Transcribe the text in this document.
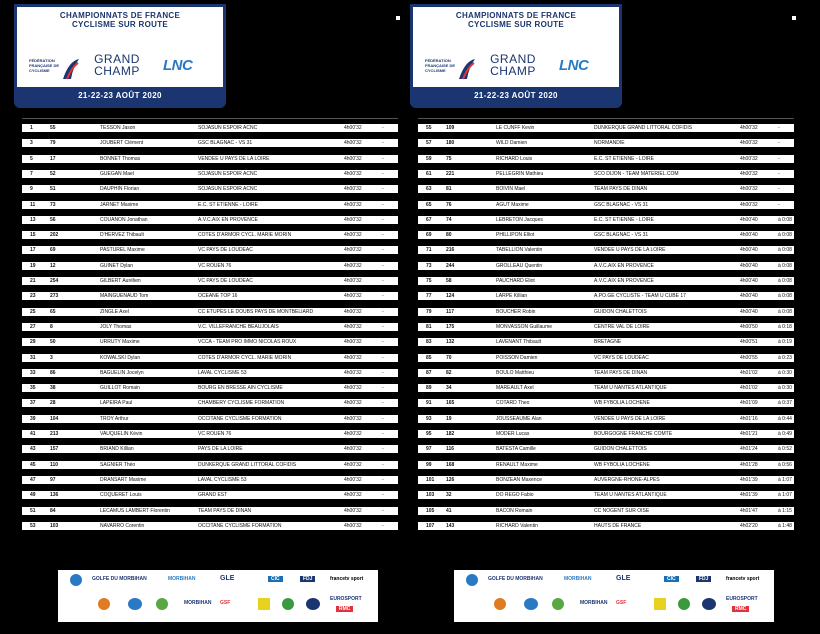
CHAMPIONNATS DE FRANCE
CYCLISME SUR ROUTE
FÉDÉRATION FRANÇAISE DE CYCLISME
GRAND
CHAMP	LNC
21-22-23 AOÛT 2020
1	55	TESSON Jason	SOJASUN ESPOIR ACNC	4h00'32	-
3	79	JOUBERT Clément	GSC BLAGNAC - VS 31	4h00'32	-
5	17	BONNET Thomas	VENDEE U PAYS DE LA LOIRE	4h00'32	-
7	52	GUEGAN Mael	SOJASUN ESPOIR ACNC	4h00'32	-
9	51	DAUPHIN Florian	SOJASUN ESPOIR ACNC	4h00'32	-
11	73	JARNET Maxime	E.C. ST ETIENNE - LOIRE	4h00'32	-
13	56	COUANON Jonathan	A.V.C.AIX EN PROVENCE	4h00'32	-
15	202	D'HERVEZ Thibault	COTES D'ARMOR CYCL. MARIE MORIN	4h00'32	-
17	69	PASTUREL Maxime	VC PAYS DE LOUDEAC	4h00'32	-
19	12	GUINET Dylan	VC ROUEN 76	4h00'32	-
21	254	GILBERT Aurélien	VC PAYS DE LOUDEAC	4h00'32	-
23	273	MAINGUENAUD Tom	OCEANE TOP 16	4h00'32	-
25	65	ZINGLE Axel	CC ETUPES LE DOUBS PAYS DE MONTBELIARD	4h00'32	-
27	8	JOLY Thomas	V.C. VILLEFRANCHE BEAUJOLAIS	4h00'32	-
29	50	URRUTY Maxime	VCCA - TEAM PRO IMMO NICOLAS ROUX	4h00'32	-
31	3	KOWALSKI Dylan	COTES D'ARMOR CYCL. MARIE MORIN	4h00'32	-
33	86	BAGUELIN Jocelyn	LAVAL CYCLISME 53	4h00'32	-
35	38	GUILLOT Romain	BOURG EN BRESSE AIN CYCLISME	4h00'32	-
37	28	LAPEIRA Paul	CHAMBERY CYCLISME FORMATION	4h00'32	-
39	104	TROY Arthur	OCCITANE CYCLISME FORMATION	4h00'32	-
41	213	VAUQUELIN Kévin	VC ROUEN 76	4h00'32	-
43	157	BRIAND Killian	PAYS DE LA LOIRE	4h00'32	-
45	110	SAGNIER Théo	DUNKERQUE GRAND LITTORAL COFIDIS	4h00'32	-
47	97	DRANSART Maxime	LAVAL CYCLISME 53	4h00'32	-
49	136	COQUERET Louis	GRAND EST	4h00'32	-
51	84	LECAMUS LAMBERT Florentin	TEAM PAYS DE DINAN	4h00'32	-
53	103	NAVARRO Corentin	OCCITANE CYCLISME FORMATION	4h00'32	-
GOLFE DU MORBIHAN	MORBIHAN	GLE	CIC	FDJ	francetv sport
MORBIHAN GSF
EUROSPORT
RMC
CHAMPIONNATS DE FRANCE
CYCLISME SUR ROUTE
FÉDÉRATION FRANÇAISE DE CYCLISME
GRAND
CHAMP	LNC
21-22-23 AOÛT 2020
55	109	LE CUNFF Kevin	DUNKERQUE GRAND LITTORAL COFIDIS	4h00'32	-
57	180	WILD Damien	NORMANDIE	4h00'32	-
59	75	RICHARD Louis	E.C. ST ETIENNE - LOIRE	4h00'32	-
61	221	PELLEGRIN Mathieu	SCO DIJON - TEAM MATERIEL.COM	4h00'32	-
63	81	BOIVIN Mael	TEAM PAYS DE DINAN	4h00'32	-
65	76	AGUT Maxime	GSC BLAGNAC - VS 31	4h00'32	-
67	74	LEBRETON Jacques	E.C. ST ETIENNE - LOIRE	4h00'40	à 0:08
69	80	PHILLIPON Elliot	GSC BLAGNAC - VS 31	4h00'40	à 0:08
71	216	TABELLION Valentin	VENDEE U PAYS DE LA LOIRE	4h00'40	à 0:08
73	244	GROLLEAU Quentin	A.V.C.AIX EN PROVENCE	4h00'40	à 0:08
75	58	PAUCHARD Eliot	A.V.C.AIX EN PROVENCE	4h00'40	à 0:08
77	124	LARPE Killian	A.PO.GE CYCLISTE - TEAM U CUBE 17	4h00'40	à 0:08
79	117	BOUCHER Robin	GUIDON CHALETTOIS	4h00'40	à 0:08
81	175	MONVASSON Guillaume	CENTRE VAL DE LOIRE	4h00'50	à 0:18
83	132	LAVENANT Thibault	BRETAGNE	4h00'51	à 0:19
85	70	POISSON Damien	VC PAYS DE LOUDEAC	4h00'55	à 0:23
87	82	BOULO Matthieu	TEAM PAYS DE DINAN	4h01'02	à 0:30
89	34	MAREAULT Axel	TEAM U NANTES ATLANTIQUE	4h01'02	à 0:30
91	165	COTARD Theo	WB FYBOLIA LOCHENE	4h01'09	à 0:37
93	19	JOUSSEAUME Alan	VENDEE U PAYS DE LA LOIRE	4h01'16	à 0:44
95	182	MODER Lucas	BOURGOGNE FRANCHE COMTE	4h01'21	à 0:49
97	116	BATESTA Camille	GUIDON CHALETTOIS	4h01'24	à 0:52
99	168	RENAULT Maxime	WB FYBOLIA LOCHENE	4h01'28	à 0:56
101	126	BONZEAN Maxence	AUVERGNE-RHONE-ALPES	4h01'39	à 1:07
103	32	DO REGO Fabio	TEAM U NANTES ATLANTIQUE	4h01'39	à 1:07
105	41	BACON Romain	CC NOGENT SUR OISE	4h01'47	à 1:15
107	143	RICHARD Valentin	HAUTS DE FRANCE	4h02'20	à 1:48
GOLFE DU MORBIHAN	MORBIHAN	GLE	CIC	FDJ	francetv sport
MORBIHAN GSF
EUROSPORT
RMC
